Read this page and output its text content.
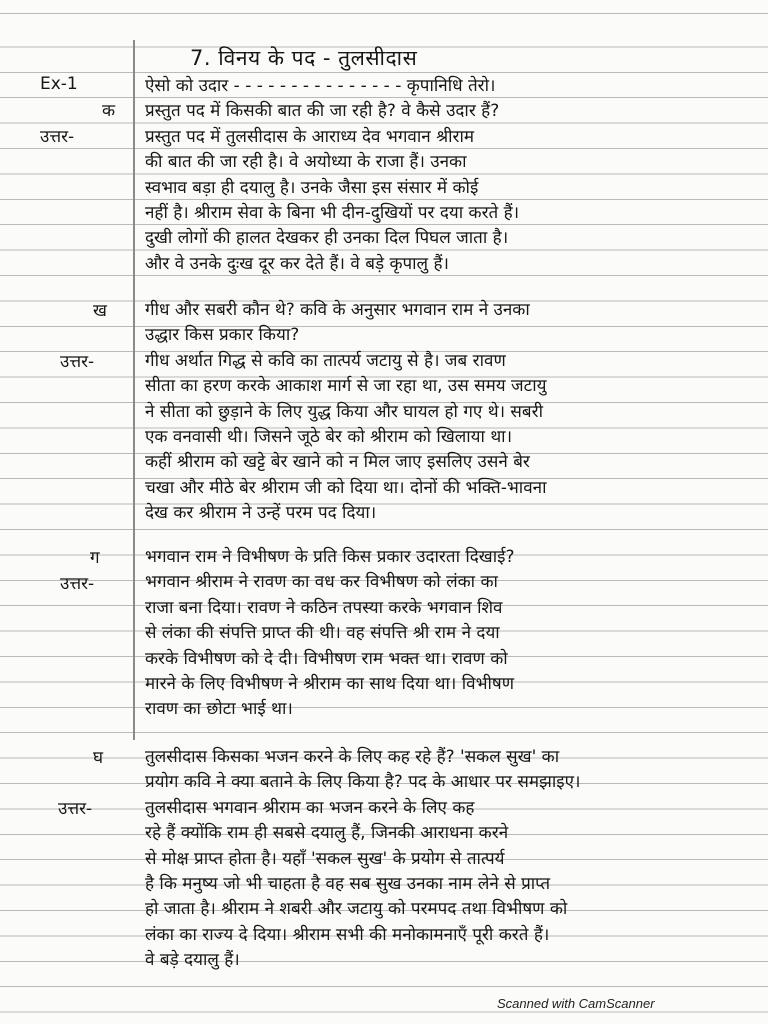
7. विनय के पद - तुलसीदास
Ex-1
क
उत्तर-
ऐसो को उदार - - - - - - - - - - - - - - - कृपानिधि तेरो।
प्रस्तुत पद में किसकी बात की जा रही है? वे कैसे उदार हैं?
प्रस्तुत पद में तुलसीदास के आराध्य देव भगवान श्रीराम
की बात की जा रही है। वे अयोध्या के राजा हैं। उनका
स्वभाव बड़ा ही दयालु है। उनके जैसा इस संसार में कोई
नहीं है। श्रीराम सेवा के बिना भी दीन-दुखियों पर दया करते हैं।
दुखी लोगों की हालत देखकर ही उनका दिल पिघल जाता है।
और वे उनके दुःख दूर कर देते हैं। वे बड़े कृपालु हैं।
ख
उत्तर-
गीध और सबरी कौन थे? कवि के अनुसार भगवान राम ने उनका
उद्धार किस प्रकार किया?
गीध अर्थात गिद्ध से कवि का तात्पर्य जटायु से है। जब रावण
सीता का हरण करके आकाश मार्ग से जा रहा था, उस समय जटायु
ने सीता को छुड़ाने के लिए युद्ध किया और घायल हो गए थे। सबरी
एक वनवासी थी। जिसने जूठे बेर को श्रीराम को खिलाया था।
कहीं श्रीराम को खट्टे बेर खाने को न मिल जाए इसलिए उसने बेर
चखा और मीठे बेर श्रीराम जी को दिया था। दोनों की भक्ति-भावना
देख कर श्रीराम ने उन्हें परम पद दिया।
ग
उत्तर-
भगवान राम ने विभीषण के प्रति किस प्रकार उदारता दिखाई?
भगवान श्रीराम ने रावण का वध कर विभीषण को लंका का
राजा बना दिया। रावण ने कठिन तपस्या करके भगवान शिव
से लंका की संपत्ति प्राप्त की थी। वह संपत्ति श्री राम ने दया
करके विभीषण को दे दी। विभीषण राम भक्त था। रावण को
मारने के लिए विभीषण ने श्रीराम का साथ दिया था। विभीषण
रावण का छोटा भाई था।
घ
उत्तर-
तुलसीदास किसका भजन करने के लिए कह रहे हैं? 'सकल सुख' का
प्रयोग कवि ने क्या बताने के लिए किया है? पद के आधार पर समझाइए।
तुलसीदास भगवान श्रीराम का भजन करने के लिए कह
रहे हैं क्योंकि राम ही सबसे दयालु हैं, जिनकी आराधना करने
से मोक्ष प्राप्त होता है। यहाँ 'सकल सुख' के प्रयोग से तात्पर्य
है कि मनुष्य जो भी चाहता है वह सब सुख उनका नाम लेने से प्राप्त
हो जाता है। श्रीराम ने शबरी और जटायु को परमपद तथा विभीषण को
लंका का राज्य दे दिया। श्रीराम सभी की मनोकामनाएँ पूरी करते हैं।
वे बड़े दयालु हैं।
Scanned with CamScanner
